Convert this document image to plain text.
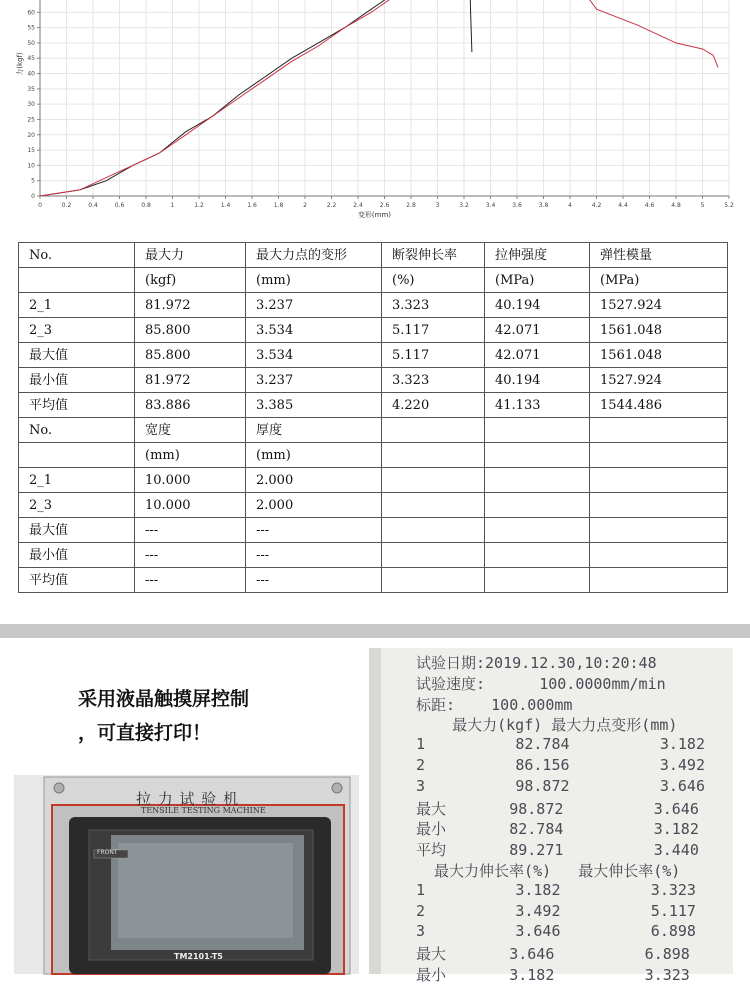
0	0.2	0.4	0.6	0.8	1	1.2	1.4	1.6	1.8	2	2.2	2.4	2.6	2.8	3	3.2	3.4	3.6	3.8	4	4.2	4.4	4.6	4.8	5	5.2
0
5
10
15
20
25
30
35
40
45
50
55
60
变形(mm)
力(kgf)
No.	最大力	最大力点的变形	断裂伸长率	拉伸强度	弹性模量
	(kgf)	(mm)	(%)	(MPa)	(MPa)
2_1	81.972	3.237	3.323	40.194	1527.924
2_3	85.800	3.534	5.117	42.071	1561.048
最大值	85.800	3.534	5.117	42.071	1561.048
最小值	81.972	3.237	3.323	40.194	1527.924
平均值	83.886	3.385	4.220	41.133	1544.486
No.	宽度	厚度			
	(mm)	(mm)			
2_1	10.000	2.000			
2_3	10.000	2.000			
最大值	---	---			
最小值	---	---			
平均值	---	---			
采用液晶触摸屏控制
，可直接打印！
拉 力 试 验 机
TENSILE TESTING MACHINE
FRONT
TM2101-T5
试验日期:2019.12.30,10:20:48
试验速度:      100.0000mm/min
标距:    100.000mm
最大力(kgf) 最大力点变形(mm)
1          82.784          3.182
2          86.156          3.492
3          98.872          3.646
最大       98.872          3.646
最小       82.784          3.182
平均       89.271          3.440
最大力伸长率(%)   最大伸长率(%)
1          3.182          3.323
2          3.492          5.117
3          3.646          6.898
最大       3.646          6.898
最小       3.182          3.323
